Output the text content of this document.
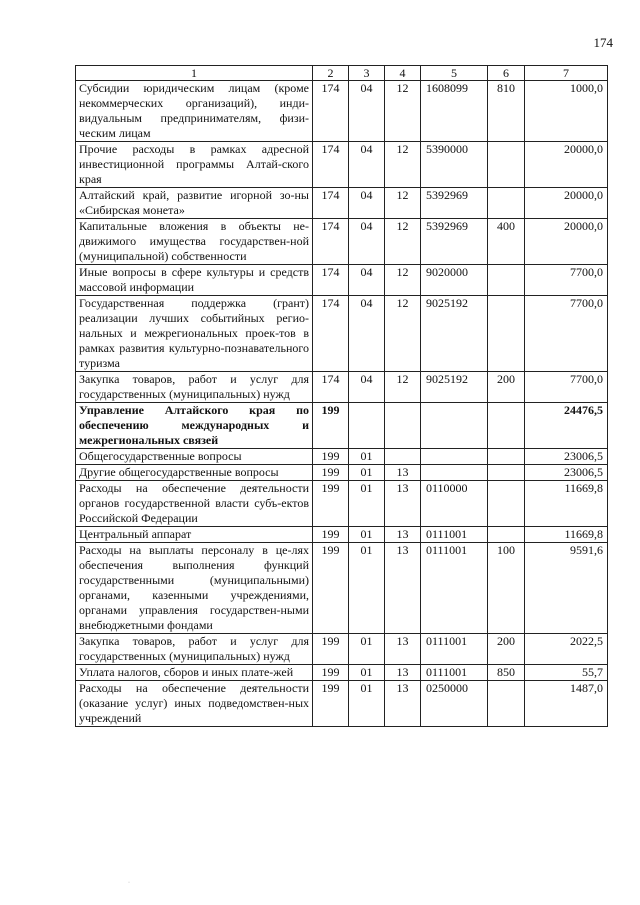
174
1	2	3	4	5	6	7
Субсидии юридическим лицам (кроме некоммерческих организаций), инди-видуальным предпринимателям, физи-ческим лицам	174	04	12	1608099	810	1000,0
Прочие расходы в рамках адресной инвестиционной программы Алтай-ского края	174	04	12	5390000		20000,0
Алтайский край, развитие игорной зо-ны «Сибирская монета»	174	04	12	5392969		20000,0
Капитальные вложения в объекты не-движимого имущества государствен-ной (муниципальной) собственности	174	04	12	5392969	400	20000,0
Иные вопросы в сфере культуры и средств массовой информации	174	04	12	9020000		7700,0
Государственная поддержка (грант) реализации лучших событийных регио-нальных и межрегиональных проек-тов в рамках развития культурно-познавательного туризма	174	04	12	9025192		7700,0
Закупка товаров, работ и услуг для государственных (муниципальных) нужд	174	04	12	9025192	200	7700,0
Управление Алтайского края по обеспечению международных и межрегиональных связей	199					24476,5
Общегосударственные вопросы	199	01				23006,5
Другие общегосударственные вопросы	199	01	13			23006,5
Расходы на обеспечение деятельности органов государственной власти субъ-ектов Российской Федерации	199	01	13	0110000		11669,8
Центральный аппарат	199	01	13	0111001		11669,8
Расходы на выплаты персоналу в це-лях обеспечения выполнения функций государственными (муниципальными) органами, казенными учреждениями, органами управления государствен-ными внебюджетными фондами	199	01	13	0111001	100	9591,6
Закупка товаров, работ и услуг для государственных (муниципальных) нужд	199	01	13	0111001	200	2022,5
Уплата налогов, сборов и иных плате-жей	199	01	13	0111001	850	55,7
Расходы на обеспечение деятельности (оказание услуг) иных подведомствен-ных учреждений	199	01	13	0250000		1487,0
·
